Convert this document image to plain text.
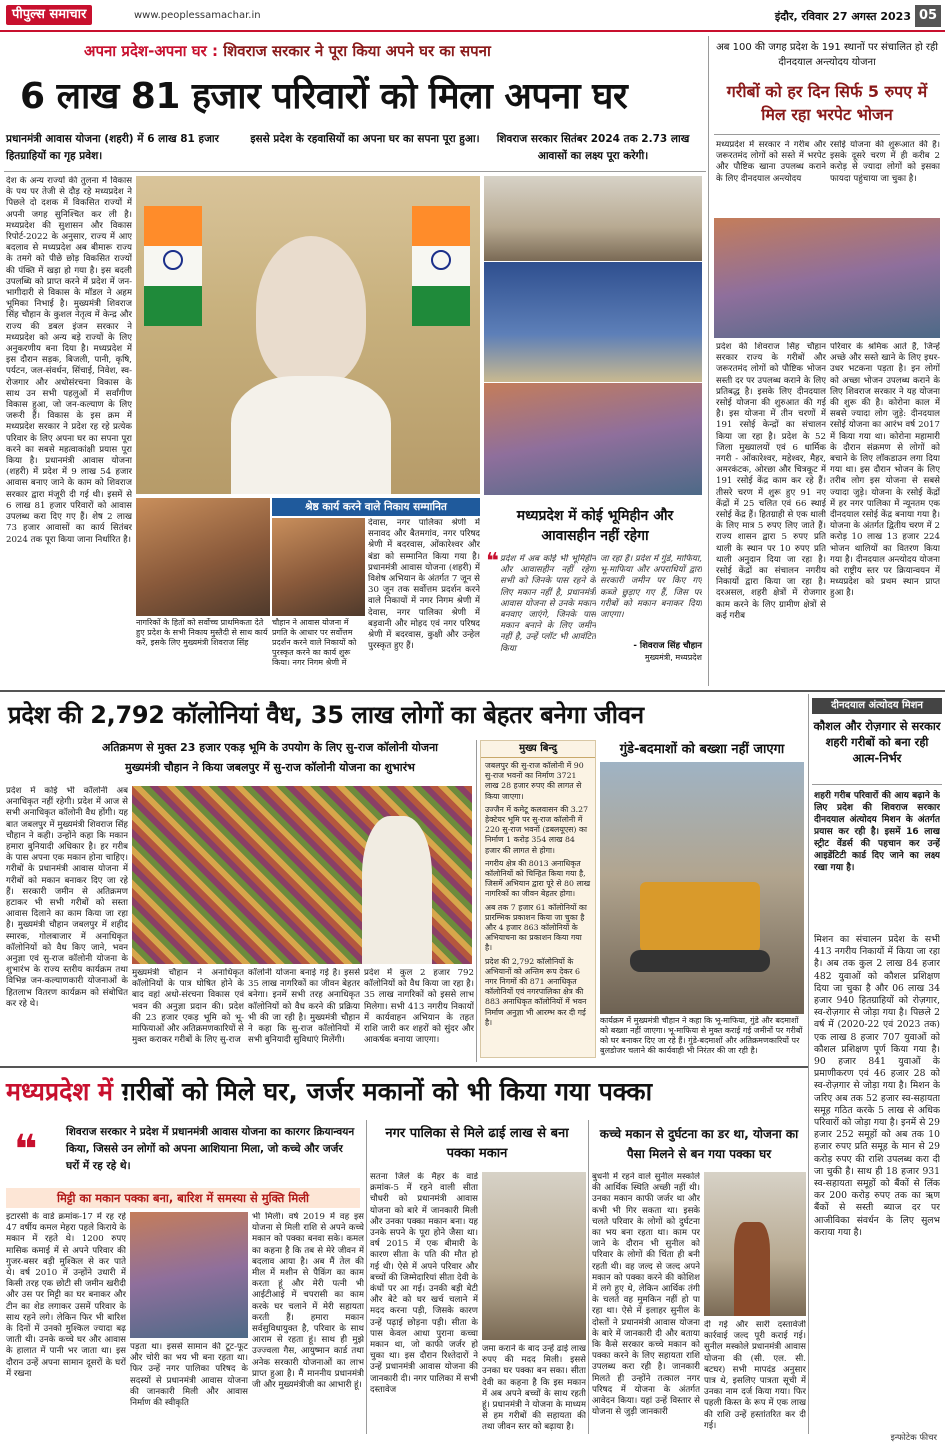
पीपुल्स समाचार	www.peoplessamachar.in	इंदौर, रविवार 27 अगस्त 2023 05
अपना प्रदेश-अपना घर : शिवराज सरकार ने पूरा किया अपने घर का सपना
6 लाख 81 हजार परिवारों को मिला अपना घर
प्रधानमंत्री आवास योजना (शहरी) में 6 लाख 81 हजार हितग्राहियों का गृह प्रवेश।
इससे प्रदेश के रहवासियों का अपना घर का सपना पूरा हुआ।	शिवराज सरकार सितंबर 2024 तक 2.73 लाख आवासों का लक्ष्य पूरा करेगी।
देश के अन्य राज्यों की तुलना में विकास के पथ पर तेजी से दौड़ रहे मध्यप्रदेश ने पिछले दो दशक में विकसित राज्यों में अपनी जगह सुनिश्चित कर ली है। मध्यप्रदेश की सुशासन और विकास रिपोर्ट-2022 के अनुसार, राज्य में आए बदलाव से मध्यप्रदेश अब बीमारू राज्य के तमगे को पीछे छोड़ विकसित राज्यों की पंक्ति में खड़ा हो गया है। इस बदली उपलब्धि को प्राप्त करने में प्रदेश में जन-भागीदारी से विकास के मॉडल ने अहम भूमिका निभाई है। मुख्यमंत्री शिवराज सिंह चौहान के कुशल नेतृत्व में केन्द्र और राज्य की डबल इंजन सरकार ने मध्यप्रदेश को अन्य बड़े राज्यों के लिए अनुकरणीय बना दिया है। मध्यप्रदेश में इस दौरान सड़क, बिजली, पानी, कृषि, पर्यटन, जल-संवर्धन, सिंचाई, निवेश, स्व-रोजगार और अधोसंरचना विकास के साथ उन सभी पहलुओं में सर्वांगीण विकास हुआ, जो जन-कल्याण के लिए जरूरी हैं। विकास के इस क्रम में मध्यप्रदेश सरकार ने प्रदेश रह रहे प्रत्येक परिवार के लिए अपना घर का सपना पूरा करने का सबसे महत्वाकांक्षी प्रयास पूरा किया है। प्रधानमंत्री आवास योजना (शहरी) में प्रदेश में 9 लाख 54 हजार आवास बनाए जाने के काम को शिवराज सरकार द्वारा मंजूरी दी गई थी। इसमें से 6 लाख 81 हजार परिवारों को आवास उपलब्ध करा दिए गए हैं। शेष 2 लाख 73 हजार आवासों का कार्य सितंबर 2024 तक पूरा किया जाना निर्धारित है।
श्रेष्ठ कार्य करने वाले निकाय सम्मानित
देवास, नगर पालिका श्रेणी में सनावद और बैतमगांव, नगर परिषद श्रेणी में बदरवास, ओंकारेश्वर और बंडा को सम्मानित किया गया है। प्रधानमंत्री आवास योजना (शहरी) में विशेष अभियान के अंतर्गत 7 जून से 30 जून तक सर्वोत्तम प्रदर्शन करने वाले निकायों में नगर निगम श्रेणी में देवास, नगर पालिका श्रेणी में बड़वानी और मोहद एवं नगर परिषद श्रेणी में बदरवास, कुक्षी और उन्हेल पुरस्कृत हुए हैं।
नागरिकों के हितों को सर्वोच्च प्राथमिकता देते हुए प्रदेश के सभी निकाय मुस्तैदी से साथ कार्य करें, इसके लिए मुख्यमंत्री शिवराज सिंह
चौहान ने आवास योजना में प्रगति के आधार पर सर्वोत्तम प्रदर्शन करने वाले निकायों को पुरस्कृत करने का कार्य शुरू किया। नगर निगम श्रेणी में
मध्यप्रदेश में कोई भूमिहीन और आवासहीन नहीं रहेगा
❝ प्रदेश में अब कोई भी भूमिहीन और आवासहीन नहीं रहेगा सभी को जिनके पास रहने के लिए मकान नहीं है, प्रधानमंत्री आवास योजना से उनके मकान बनवाए जाएंगे, जिनके पास मकान बनाने के लिए जमीन नहीं है, उन्हें प्लॉट भी आवंटित किया
जा रहा है। प्रदेश में गुंडे, माफिया, भू-माफिया और अपराधियों द्वारा सरकारी जमीन पर किए गए कब्जे छुड़ाए गए हैं, जिस पर गरीबों को मकान बनाकर दिया जाएगा।
- शिवराज सिंह चौहान
मुख्यमंत्री, मध्यप्रदेश
अब 100 की जगह प्रदेश के 191 स्थानों पर संचालित हो रही दीनदयाल अन्त्योदय योजना
गरीबों को हर दिन सिर्फ 5 रुपए में मिल रहा भरपेट भोजन
मध्यप्रदेश में सरकार ने गरीब और जरूरतमंद लोगों को सस्ते में भरपेट और पौष्टिक खाना उपलब्ध कराने के लिए दीनदयाल अन्त्योदय
रसोई योजना की शुरूआत की है। इसके दूसरे चरण में ही करीब 2 करोड़ से ज्यादा लोगों को इसका फायदा पहुंचाया जा चुका है।
प्रदेश की शिवराज सिंह चौहान सरकार राज्य के गरीबों और जरूरतमंद लोगों को पौष्टिक भोजन सस्ती दर पर उपलब्ध कराने के लिए प्रतिबद्ध है। इसके लिए दीनदयाल रसोई योजना की शुरुआत की गई है। इस योजना में तीन चरणों में 191 रसोई केन्द्रों का संचालन किया जा रहा है। प्रदेश के 52 जिला मुख्यालयों एवं 6 धार्मिक नगरी - ओंकारेश्वर, महेश्वर, मैहर, अमरकंटक, ओरछा और चित्रकूट में 191 रसोई केंद्र काम कर रहे हैं। तीसरे चरण में शुरू हुए 91 नए केंद्रों में 25 चलित एवं 66 स्थाई रसोई केंद्र हैं। हितग्राही से एक थाली के लिए मात्र 5 रुपए लिए जाते हैं। राज्य शासन द्वारा 5 रुपए प्रति थाली के स्थान पर 10 रुपए प्रति थाली अनुदान दिया जा रहा है। रसोई केंद्रों का संचालन नगरीय निकायों द्वारा किया जा रहा है। दरअसल, शहरी क्षेत्रों में रोजगार काम करने के लिए ग्रामीण क्षेत्रों से कई गरीब
परिवार के श्रमिक आते हैं, जिन्हें अच्छे और सस्ते खाने के लिए इधर-उधर भटकना पड़ता है। इन लोगों को अच्छा भोजन उपलब्ध कराने के लिए शिवराज सरकार ने यह योजना की शुरू की है। कोरोना काल में सबसे ज्यादा लोग जुड़े: दीनदयाल रसोई योजना का आरंभ वर्ष 2017 में किया गया था। कोरोना महामारी के दौरान संक्रमण से लोगों को बचाने के लिए लॉकडाउन लगा दिया गया था। इस दौरान भोजन के लिए तरीब लोग इस योजना से सबसे ज्यादा जुड़े। योजना के रसोई केंद्रों में हर नगर पालिका में न्यूनतम एक दीनदयाल रसोई केंद्र बनाया गया है। योजना के अंतर्गत द्वितीय चरण में 2 करोड़ 10 लाख 13 हजार 224 भोजन थालियों का वितरण किया गया है। दीनदयाल अन्त्योदय योजना को राष्ट्रीय स्तर पर क्रियान्वयन में मध्यप्रदेश को प्रथम स्थान प्राप्त हुआ है।
प्रदेश की 2,792 कॉलोनियां वैध, 35 लाख लोगों का बेहतर बनेगा जीवन
अतिक्रमण से मुक्त 23 हजार एकड़ भूमि के उपयोग के लिए सु-राज कॉलोनी योजना
मुख्यमंत्री चौहान ने किया जबलपुर में सु-राज कॉलोनी योजना का शुभारंभ
प्रदेश में कोई भी कॉलोनी अब अनाधिकृत नहीं रहेगी। प्रदेश में आज से सभी अनाधिकृत कॉलोनी वैध होंगी। यह बात जबलपुर में मुख्यमंत्री शिवराज सिंह चौहान ने कही। उन्होंने कहा कि मकान हमारा बुनियादी अधिकार है। हर गरीब के पास अपना एक मकान होना चाहिए। गरीबों के प्रधानमंत्री आवास योजना में गरीबों को मकान बनाकर दिए जा रहे हैं। सरकारी जमीन से अतिक्रमण हटाकर भी सभी गरीबों को सस्ता आवास दिलाने का काम किया जा रहा है। मुख्यमंत्री चौहान जबलपुर में शहीद स्मारक, गोलबाजार में अनाधिकृत कॉलोनियों को वैध किए जाने, भवन अनुज्ञा एवं सु-राज कॉलोनी योजना के शुभारंभ के राज्य स्तरीय कार्यक्रम तथा विभिन्न जन-कल्याणकारी योजनाओं के हितलाभ वितरण कार्यक्रम को संबोधित कर रहे थे।
मुख्यमंत्री चौहान ने अनाधिकृत कॉलोनियों के पात्र घोषित होने के बाद वहां अधो-संरचना विकास एवं भवन की अनुज्ञा प्रदान की। प्रदेश की 23 हजार एकड़ भूमि को भू-माफियाओं और अतिक्रमणकारियों से मुक्त कराकर गरीबों के लिए सु-राज
कॉलोनी योजना बनाई गई है। इससे 35 लाख नागरिकों का जीवन बेहतर बनेगा। इनमें सभी तरह अनाधिकृत कॉलोनियों को वैध करने की प्रक्रिया भी की जा रही है। मुख्यमंत्री चौहान ने कहा कि सु-राज कॉलोनियों में सभी बुनियादी सुविधाएं मिलेंगी।
प्रदेश में कुल 2 हजार 792 कॉलोनियों को वैध किया जा रहा है। 35 लाख नागरिकों को इससे लाभ मिलेगा। सभी 413 नगरीय निकायों में कार्यवाहन अभियान के तहत राशि जारी कर शहरों को सुंदर और आकर्षक बनाया जाएगा।
मुख्य बिन्दु
जबलपुर की सु-राज कॉलोनी में 90 सु-राज भवनों का निर्माण 3721 लाख 28 हजार रुपए की लागत से किया जाएगा।
उज्जैन में कमेटू कलवासन की 3.27 हेक्टेयर भूमि पर सु-राज कॉलोनी में 220 सु-राज भवनों (डबलयूएस) का निर्माण 1 करोड़ 354 लाख 84 हजार की लागत से होगा।
नगरीय क्षेत्र की 8013 अनाधिकृत कॉलोनियों को चिन्हित किया गया है, जिसमें अभियान द्वारा पूरे से 80 लाख नागरिकों का जीवन बेहतर होगा।
अब तक 7 हजार 61 कॉलोनियों का प्रारम्भिक प्रकाशन किया जा चुका है और 4 हजार 863 कॉलोनियों के अभियाचना का प्रकाशन किया गया है।
प्रदेश की 2,792 कॉलोनियों के अभियानों को अन्तिम रूप देकर 6 नगर निगमों की 871 अनाधिकृत कॉलोनियों एवं नगरपालिका क्षेत्र की 883 अनाधिकृत कॉलोनियों में भवन निर्माण अनुज्ञा भी आरम्भ कर दी गई है।
गुंडे-बदमाशों को बख्शा नहीं जाएगा
कार्यक्रम में मुख्यमंत्री चौहान ने कहा कि भू-माफिया, गुंडे और बदमाशों को बख्शा नहीं जाएगा। भू-माफिया से मुक्त कराई गई जमीनों पर गरीबों को घर बनाकर दिए जा रहे हैं। गुंडे-बदमाशों और अतिक्रमणकारियों पर बुलडोजर चलाने की कार्यवाही भी निरंतर की जा रही है।
दीनदयाल अंत्योदय मिशन
कौशल और रोज़गार से सरकार शहरी गरीबों को बना रही आत्म-निर्भर
शहरी गरीब परिवारों की आय बढ़ाने के लिए प्रदेश की शिवराज सरकार दीनदयाल अंत्योदय मिशन के अंतर्गत प्रयास कर रही है। इसमें 16 लाख स्ट्रीट वेंडर्स की पहचान कर उन्हें आइडेंटिटी कार्ड दिए जाने का लक्ष्य रखा गया है।
मिशन का संचालन प्रदेश के सभी 413 नगरीय निकायों में किया जा रहा है। अब तक कुल 2 लाख 84 हजार 482 युवाओं को कौशल प्रशिक्षण दिया जा चुका है और 06 लाख 34 हजार 940 हितग्राहियों को रोज़गार, स्व-रोज़गार से जोड़ा गया है। पिछले 2 वर्ष में (2020-22 एवं 2023 तक) एक लाख 8 हजार 707 युवाओं को कौशल प्रशिक्षण पूर्ण किया गया है। 90 हजार 841 युवाओं के प्रमाणीकरण एवं 46 हजार 28 को स्व-रोज़गार से जोड़ा गया है। मिशन के जरिए अब तक 52 हजार स्व-सहायता समूह गठित करके 5 लाख से अधिक परिवारों को जोड़ा गया है। इनमें से 29 हजार 252 समूहों को अब तक 10 हजार रुपए प्रति समूह के मान से 29 करोड़ रुपए की राशि उपलब्ध करा दी जा चुकी है। साथ ही 18 हजार 931 स्व-सहायता समूहों को बैंकों से लिंक कर 200 करोड़ रुपए तक का ऋण बैंकों से सस्ती ब्याज दर पर आजीविका संवर्धन के लिए सुलभ कराया गया है।
मध्यप्रदेश में ग़रीबों को मिले घर, जर्जर मकानों को भी किया गया पक्का
❝	शिवराज सरकार ने प्रदेश में प्रधानमंत्री आवास योजना का कारगर क्रियान्वयन किया, जिससे उन लोगों को अपना आशियाना मिला, जो कच्चे और जर्जर घरों में रह रहे थे।
मिट्टी का मकान पक्का बना, बारिश में समस्या से मुक्ति मिली
इटारसी के वार्ड क्रमांक-17 में रह रहे 47 वर्षीय कमल मेहरा पहले किराये के मकान में रहते थे। 1200 रुपए मासिक कमाई में से अपने परिवार की गुजर-बसर बड़ी मुश्किल से कर पाते थे। वर्ष 2010 में उन्होंने उधारी में किसी तरह एक छोटी सी जमीन खरीदी और उस पर मिट्टी का घर बनाकर और टीन का शेड लगाकर उसमें परिवार के साथ रहने लगे। लेकिन फिर भी बारिश के दिनों में उनको मुश्किल ज्यादा बढ़ जाती थी। उनके कच्चे घर और आवास के हालात में पानी भर जाता था। इस दौरान उन्हें अपना सामान दूसरों के घरों में रखना
पड़ता था। इससे सामान की टूट-फूट और चोरी का भय भी बना रहता था। फिर उन्हें नगर पालिका परिषद के सदस्यों से प्रधानमंत्री आवास योजना की जानकारी मिली और आवास निर्माण की स्वीकृति
भी मिली। वर्ष 2019 में वह इस योजना से मिली राशि से अपने कच्चे मकान को पक्का बनवा सके। कमल का कहना है कि तब से मेरे जीवन में बदलाव आया है। अब मैं तेल की मील में मशीन से पैकिंग का काम करता हूं और मेरी पत्नी भी आईटीआई में चपरासी का काम करके घर चलाने में मेरी सहायता करती हैं। हमारा मकान सर्वसुविधायुक्त है, परिवार के साथ आराम से रहता हूं। साथ ही मुझे उज्ज्वला गैस, आयुष्मान कार्ड तथा अनेक सरकारी योजनाओं का लाभ प्राप्त हुआ है। मैं माननीय प्रधानमंत्री जी और मुख्यमंत्रीजी का आभारी हूं।
नगर पालिका से मिले ढाई लाख से बना पक्का मकान
सतना जिले के मैहर के वार्ड क्रमांक-5 में रहने वाली सीता चौधरी को प्रधानमंत्री आवास योजना को बारे में जानकारी मिली और उनका पक्का मकान बना। यह उनके सपने के पूरा होने जैसा था। वर्ष 2015 में एक बीमारी के कारण सीता के पति की मौत हो गई थी। ऐसे में अपने परिवार और बच्चों की जिम्मेदारियां सीता देवी के कंधों पर आ गई। उनकी बड़ी बेटी और बेटे को घर खर्च चलाने में मदद करना पड़ी, जिसके कारण उन्हें पढ़ाई छोड़ना पड़ी। सीता के पास केवल आधा पुराना कच्चा मकान था, जो काफी जर्जर हो चुका था। इस दौरान रिश्तेदारों ने उन्हें प्रधानमंत्री आवास योजना की जानकारी दी। नगर पालिका में सभी दस्तावेज
जमा कराने के बाद उन्हें ढाई लाख रुपए की मदद मिली। इससे उनका घर पक्का बन सका। सीता देवी का कहना है कि इस मकान में अब अपने बच्चों के साथ रहती हूं। प्रधानमंत्री ने योजना के माध्यम से हम गरीबों की सहायता की तथा जीवन स्तर को बढ़ाया है।
कच्चे मकान से दुर्घटना का डर था, योजना का पैसा मिलने से बन गया पक्का घर
बुधनी में रहने वाले सुनील मस्कोले की आर्थिक स्थिति अच्छी नहीं थी। उनका मकान काफी जर्जर था और कभी भी गिर सकता था। इसके चलते परिवार के लोगों को दुर्घटना का भय बना रहता था। काम पर जाने के दौरान भी सुनील को परिवार के लोगों की चिंता ही बनी रहती थी। वह जल्द से जल्द अपने मकान को पक्का करने की कोशिश में लगे हुए थे, लेकिन आर्थिक तंगी के चलते वह मुमकिन नहीं हो पा रहा था। ऐसे में इलाहर सुनील के दोस्तों ने प्रधानमंत्री आवास योजना के बारे में जानकारी दी और बताया कि कैसे सरकार कच्चे मकान को पक्का करने के लिए सहायता राशि उपलब्ध करा रही है। जानकारी मिलते ही उन्होंने तत्काल नगर परिषद में योजना के अंतर्गत आवेदन किया। यहां उन्हें विस्तार से योजना से जुड़ी जानकारी
दी गई और सारी दस्तावेजी कार्रवाई जल्द पूरी कराई गई। सुनील मस्कोले प्रधानमंत्री आवास योजना की (सी. एल. सी. बटघर) सभी मापदंड अनुसार पात्र थे, इसलिए पात्रता सूची में उनका नाम दर्ज किया गया। फिर पहली किस्त के रूप में एक लाख की राशि उन्हें हस्तांतरित कर दी गई।
इन्फोटेक फीचर
